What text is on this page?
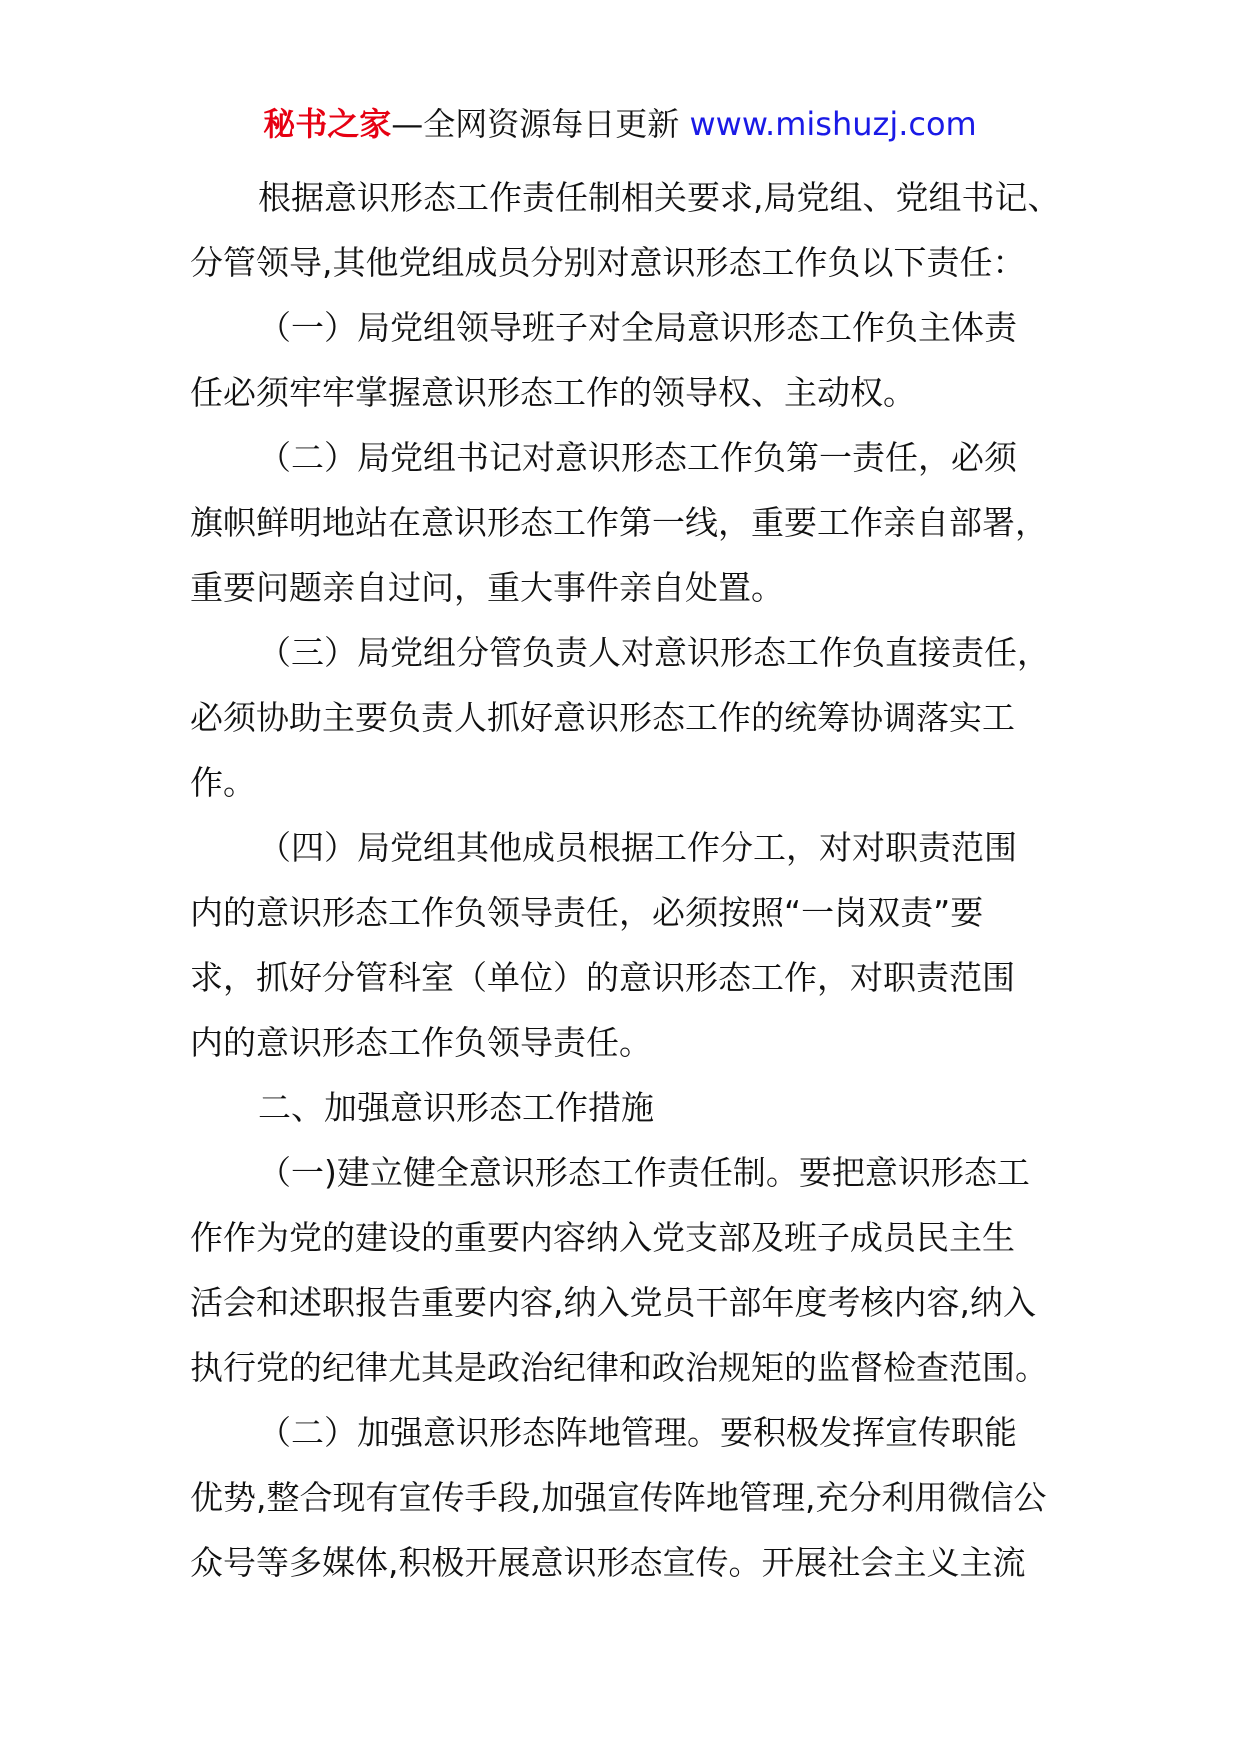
秘书之家—全网资源每日更新 www.mishuzj.com
根据意识形态工作责任制相关要求,局党组、党组书记、
分管领导,其他党组成员分别对意识形态工作负以下责任：
（一）局党组领导班子对全局意识形态工作负主体责
任必须牢牢掌握意识形态工作的领导权、主动权。
（二）局党组书记对意识形态工作负第一责任，必须
旗帜鲜明地站在意识形态工作第一线，重要工作亲自部署，
重要问题亲自过问，重大事件亲自处置。
（三）局党组分管负责人对意识形态工作负直接责任，
必须协助主要负责人抓好意识形态工作的统筹协调落实工
作。
（四）局党组其他成员根据工作分工，对对职责范围
内的意识形态工作负领导责任，必须按照“一岗双责”要
求，抓好分管科室（单位）的意识形态工作，对职责范围
内的意识形态工作负领导责任。
二、加强意识形态工作措施
（一)建立健全意识形态工作责任制。要把意识形态工
作作为党的建设的重要内容纳入党支部及班子成员民主生
活会和述职报告重要内容,纳入党员干部年度考核内容,纳入
执行党的纪律尤其是政治纪律和政治规矩的监督检查范围。
（二）加强意识形态阵地管理。要积极发挥宣传职能
优势,整合现有宣传手段,加强宣传阵地管理,充分利用微信公
众号等多媒体,积极开展意识形态宣传。开展社会主义主流
